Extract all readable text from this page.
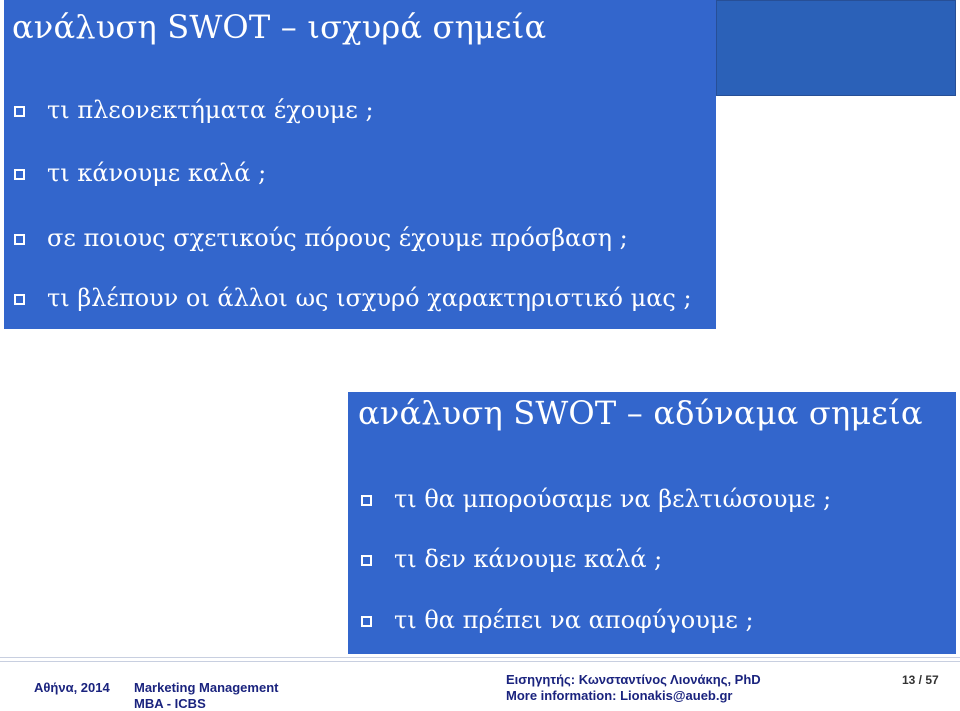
ανάλυση SWOT – ισχυρά σημεία
τι πλεονεκτήματα έχουμε ;
τι κάνουμε καλά ;
σε ποιους σχετικούς πόρους έχουμε πρόσβαση ;
τι βλέπουν οι άλλοι ως ισχυρό χαρακτηριστικό μας ;
ανάλυση SWOT – αδύναμα σημεία
τι θα μπορούσαμε να βελτιώσουμε ;
τι δεν κάνουμε καλά ;
τι θα πρέπει να αποφύγουμε ;
Αθήνα, 2014 Marketing Management
MBA - ICBS
Εισηγητής: Κωνσταντίνος Λιονάκης, PhD
More information: Lionakis@aueb.gr
13 / 57
